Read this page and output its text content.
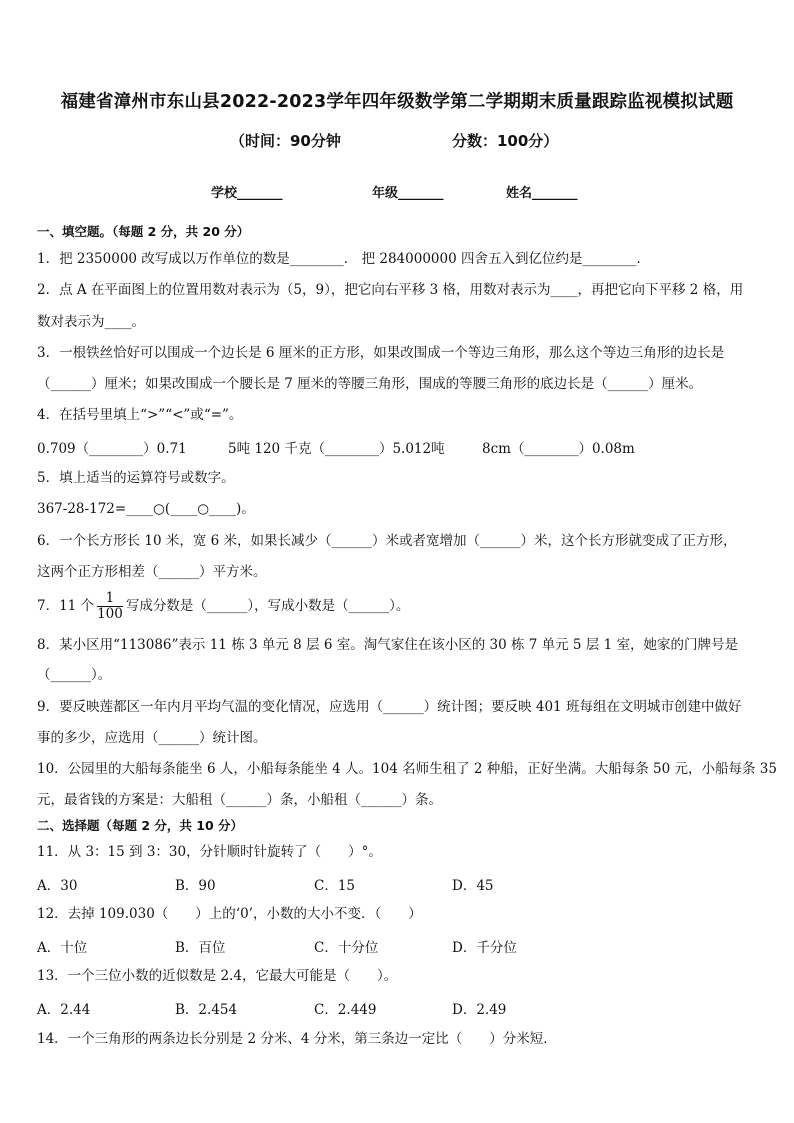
福建省漳州市东山县2022-2023学年四年级数学第二学期期末质量跟踪监视模拟试题
（时间：90分钟	分数：100分）
学校_______	年级_______	姓名_______
一、填空题。（每题 2 分，共 20 分）
1．把 2350000 改写成以万作单位的数是________． 把 284000000 四舍五入到亿位约是________．
2．点 A 在平面图上的位置用数对表示为（5，9），把它向右平移 3 格，用数对表示为____，再把它向下平移 2 格，用
数对表示为____。
3．一根铁丝恰好可以围成一个边长是 6 厘米的正方形，如果改围成一个等边三角形，那么这个等边三角形的边长是
（______）厘米；如果改围成一个腰长是 7 厘米的等腰三角形，围成的等腰三角形的底边长是（______）厘米。
4．在括号里填上“>”“<”或“=”。
0.709（________）0.71	5吨 120 千克（________）5.012吨	8cm（________）0.08m
5．填上适当的运算符号或数字。
367-28-172=____○(____○____)。
6．一个长方形长 10 米，宽 6 米，如果长减少（______）米或者宽增加（______）米，这个长方形就变成了正方形，
这两个正方形相差（______）平方米。
7．11 个 $\frac{1}{100}$ 写成分数是（______），写成小数是（______）。
8．某小区用“113086”表示 11 栋 3 单元 8 层 6 室。淘气家住在该小区的 30 栋 7 单元 5 层 1 室，她家的门牌号是
（______）。
9．要反映莲都区一年内月平均气温的变化情况，应选用（______）统计图；要反映 401 班每组在文明城市创建中做好
事的多少，应选用（______）统计图。
10．公园里的大船每条能坐 6 人，小船每条能坐 4 人。104 名师生租了 2 种船，正好坐满。大船每条 50 元，小船每条 35
元，最省钱的方案是：大船租（______）条，小船租（______）条。
二、选择题（每题 2 分，共 10 分）
11．从 3：15 到 3：30，分针顺时针旋转了（　　）°。
A．30	B．90	C．15	D．45
12．去掉 109.030（　　）上的‘0’，小数的大小不变．（　　）
A．十位	B．百位	C．十分位	D．千分位
13．一个三位小数的近似数是 2.4，它最大可能是（　　）。
A．2.44	B．2.454	C．2.449	D．2.49
14．一个三角形的两条边长分别是 2 分米、4 分米，第三条边一定比（　　）分米短．
